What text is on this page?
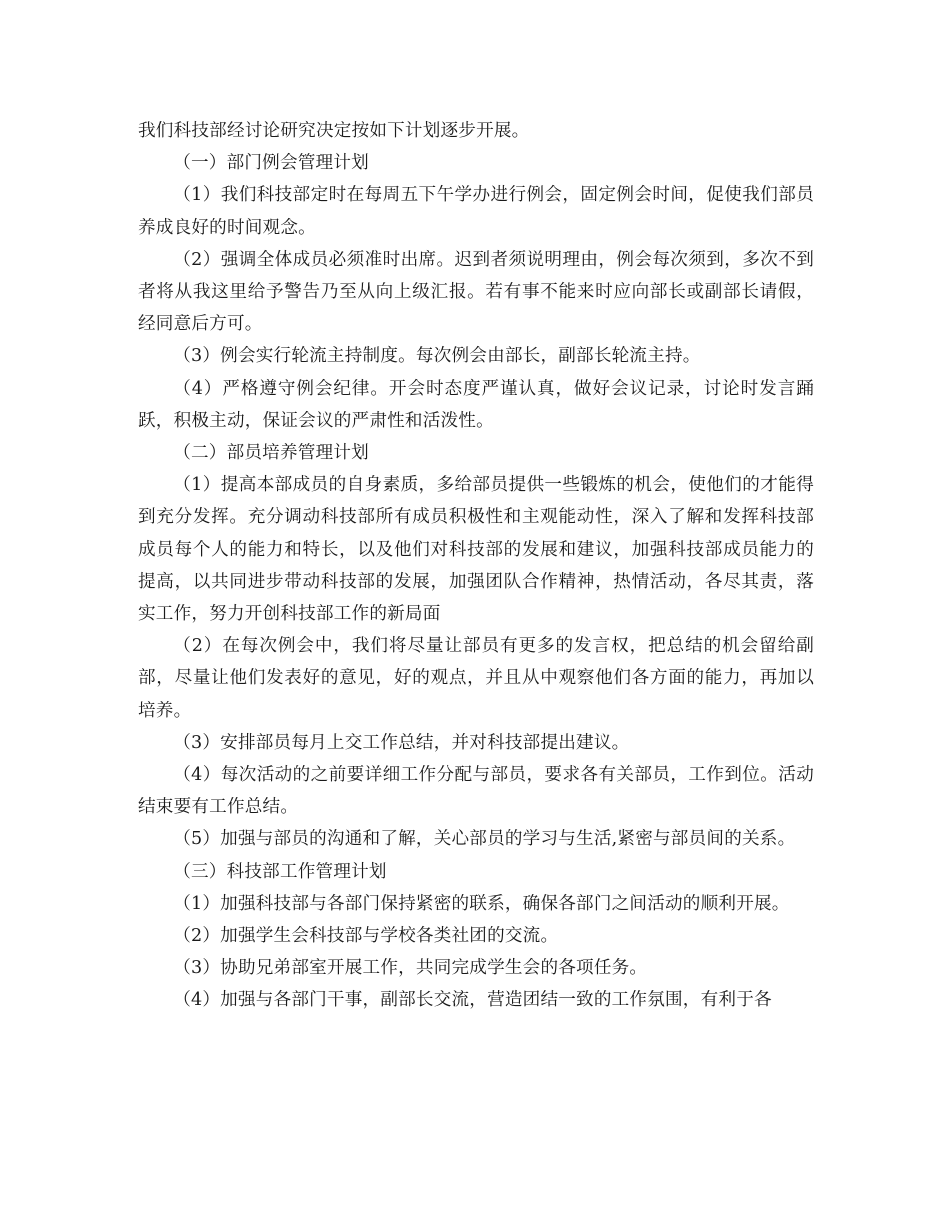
我们科技部经讨论研究决定按如下计划逐步开展。

（一）部门例会管理计划

（1）我们科技部定时在每周五下午学办进行例会，固定例会时间，促使我们部员养成良好的时间观念。

（2）强调全体成员必须准时出席。迟到者须说明理由，例会每次须到，多次不到者将从我这里给予警告乃至从向上级汇报。若有事不能来时应向部长或副部长请假，经同意后方可。

（3）例会实行轮流主持制度。每次例会由部长，副部长轮流主持。

（4）严格遵守例会纪律。开会时态度严谨认真，做好会议记录，讨论时发言踊跃，积极主动，保证会议的严肃性和活泼性。

（二）部员培养管理计划

（1）提高本部成员的自身素质，多给部员提供一些锻炼的机会，使他们的才能得到充分发挥。充分调动科技部所有成员积极性和主观能动性，深入了解和发挥科技部成员每个人的能力和特长，以及他们对科技部的发展和建议，加强科技部成员能力的提高，以共同进步带动科技部的发展，加强团队合作精神，热情活动，各尽其责，落实工作，努力开创科技部工作的新局面

（2）在每次例会中，我们将尽量让部员有更多的发言权，把总结的机会留给副部，尽量让他们发表好的意见，好的观点，并且从中观察他们各方面的能力，再加以培养。

（3）安排部员每月上交工作总结，并对科技部提出建议。

（4）每次活动的之前要详细工作分配与部员，要求各有关部员，工作到位。活动结束要有工作总结。

（5）加强与部员的沟通和了解，关心部员的学习与生活,紧密与部员间的关系。

（三）科技部工作管理计划

（1）加强科技部与各部门保持紧密的联系，确保各部门之间活动的顺利开展。

（2）加强学生会科技部与学校各类社团的交流。

（3）协助兄弟部室开展工作，共同完成学生会的各项任务。

（4）加强与各部门干事，副部长交流，营造团结一致的工作氛围，有利于各
